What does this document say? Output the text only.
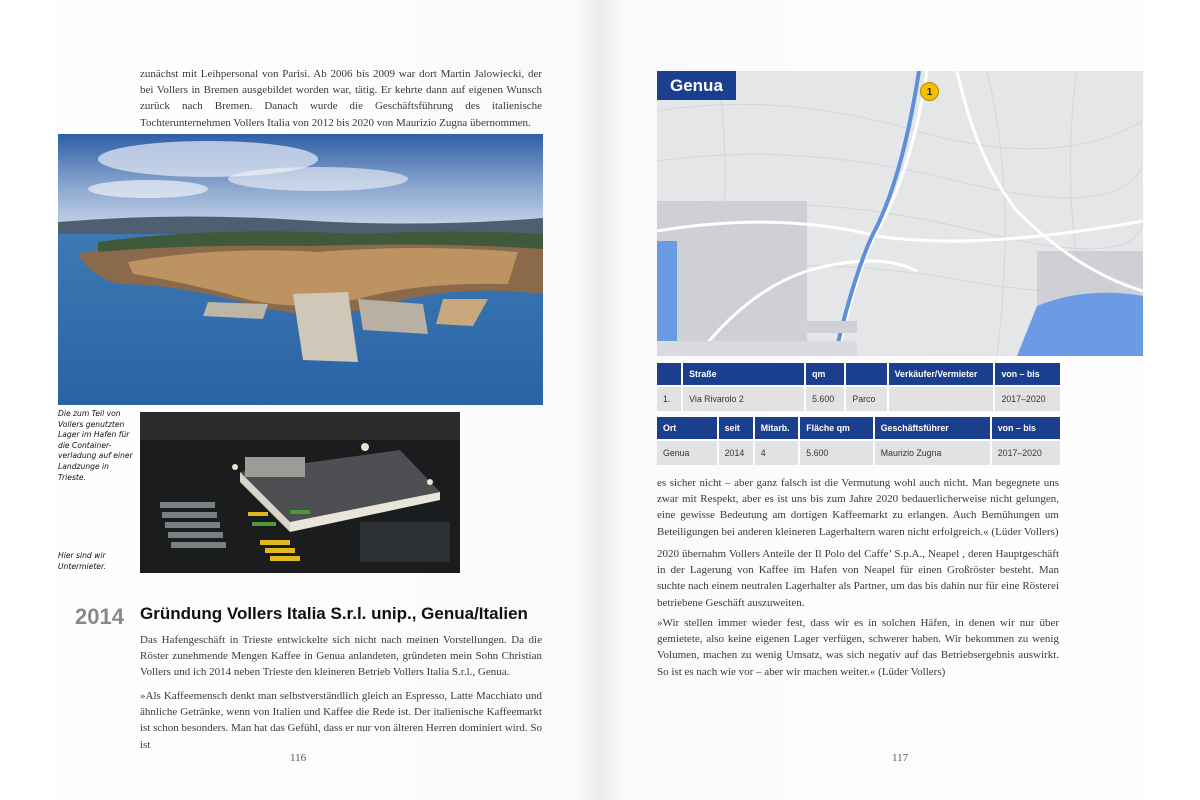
zunächst mit Leihpersonal von Parisi. Ab 2006 bis 2009 war dort Martin Jalowiecki, der bei Vollers in Bremen ausgebildet worden war, tätig. Er kehrte dann auf eigenen Wunsch zurück nach Bremen. Danach wurde die Geschäftsführung des italienische Tochterunternehmen Vollers Italia von 2012 bis 2020 von Maurizio Zugna übernommen.

Die zum Teil von Vollers genutzten Lager im Hafen für die Container-verladung auf einer Landzunge in Trieste.

Hier sind wir Untermieter.

2014 Gründung Vollers Italia S.r.l. unip., Genua/Italien

Das Hafengeschäft in Trieste entwickelte sich nicht nach meinen Vorstellungen. Da die Röster zunehmende Mengen Kaffee in Genua anlandeten, gründeten mein Sohn Christian Vollers und ich 2014 neben Trieste den kleineren Betrieb Vollers Italia S.r.l., Genua.

»Als Kaffeemensch denkt man selbstverständlich gleich an Espresso, Latte Macchiato und ähnliche Getränke, wenn von Italien und Kaffee die Rede ist. Der italienische Kaffeemarkt ist schon besonders. Man hat das Gefühl, dass er nur von älteren Herren dominiert wird. So ist

116
Genua	1
	Straße	qm		Verkäufer/Vermieter	von – bis
1.	Via Rivarolo 2	5.600	Parco		2017–2020
Ort	seit	Mitarb.	Fläche qm	Geschäftsführer	von – bis
Genua	2014	4	5.600	Maurizio Zugna	2017–2020

es sicher nicht – aber ganz falsch ist die Vermutung wohl auch nicht. Man begegnete uns zwar mit Respekt, aber es ist uns bis zum Jahre 2020 bedauerlicherweise nicht gelungen, eine gewisse Bedeutung am dortigen Kaffeemarkt zu erlangen. Auch Bemühungen um Beteiligungen bei anderen kleineren Lagerhaltern waren nicht erfolgreich.« (Lüder Vollers)

2020 übernahm Vollers Anteile der Il Polo del Caffe’ S.p.A., Neapel , deren Hauptgeschäft in der Lagerung von Kaffee im Hafen von Neapel für einen Großröster besteht. Man suchte nach einem neutralen Lagerhalter als Partner, um das bis dahin nur für eine Rösterei betriebene Geschäft auszuweiten.

»Wir stellen immer wieder fest, dass wir es in solchen Häfen, in denen wir nur über gemietete, also keine eigenen Lager verfügen, schwerer haben. Wir bekommen zu wenig Volumen, machen zu wenig Umsatz, was sich negativ auf das Betriebsergebnis auswirkt. So ist es nach wie vor – aber wir machen weiter.« (Lüder Vollers)

117
